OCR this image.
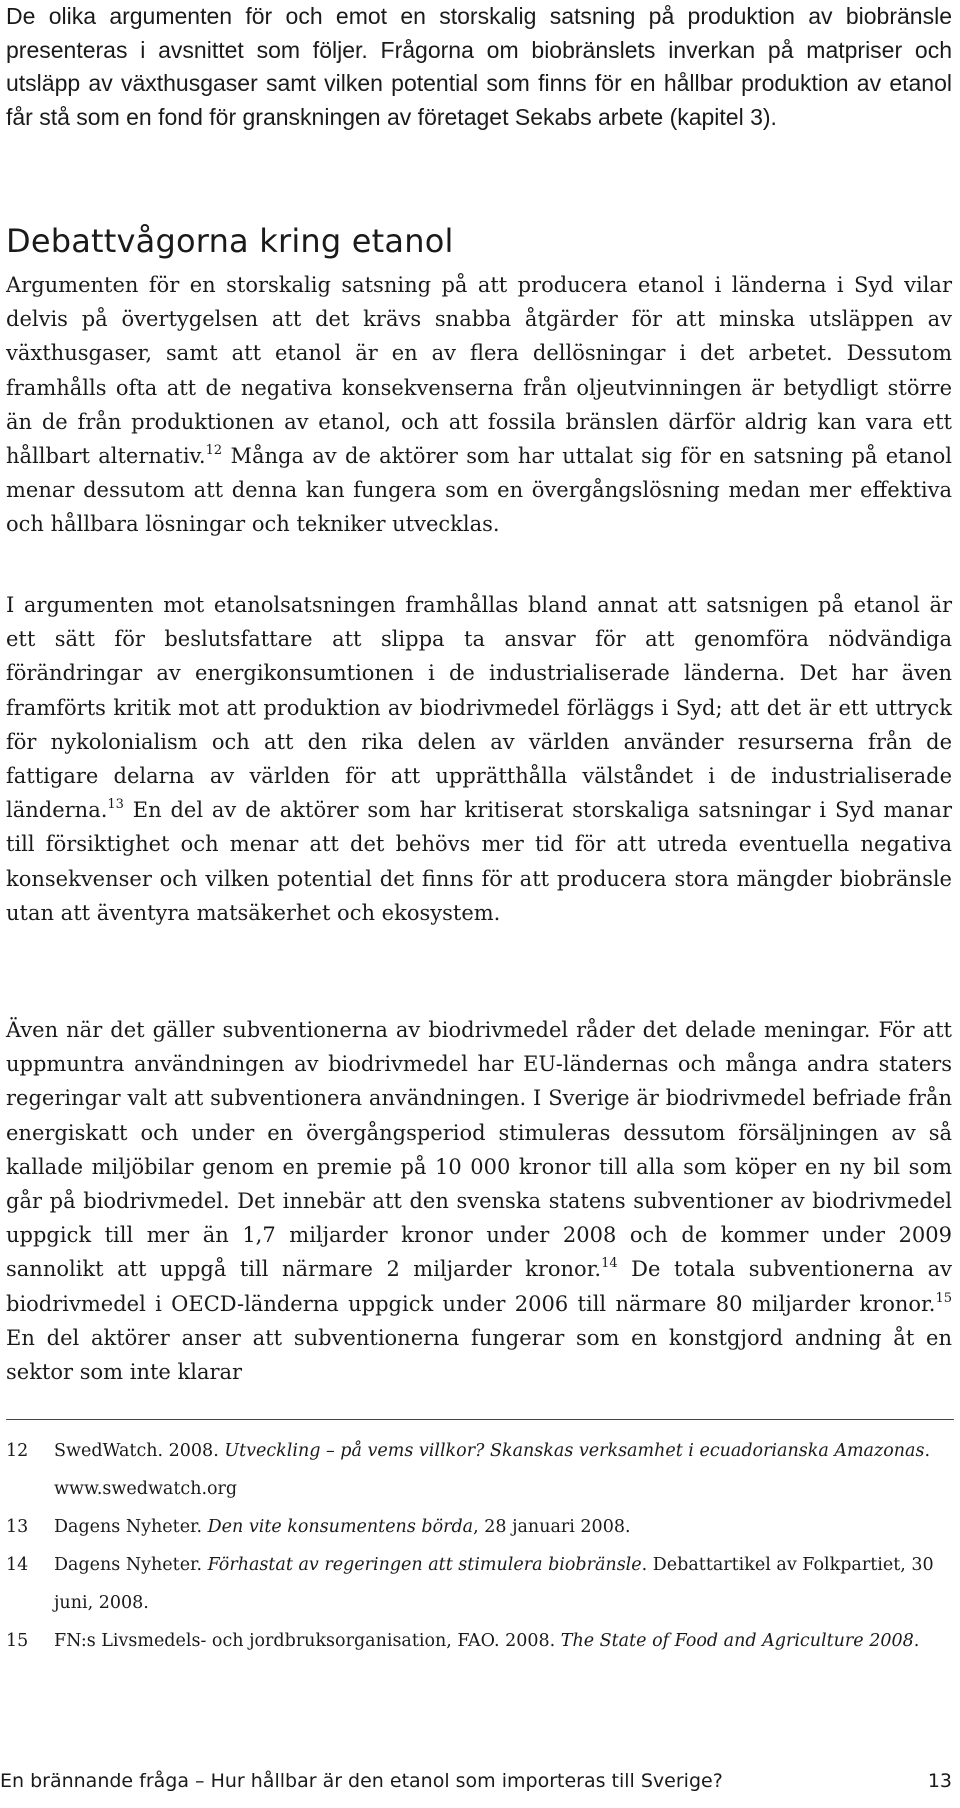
De olika argumenten för och emot en storskalig satsning på produktion av biobränsle presenteras i avsnittet som följer. Frågorna om biobränslets inverkan på matpriser och utsläpp av växthusgaser samt vilken potential som finns för en hållbar produktion av etanol får stå som en fond för granskningen av företaget Sekabs arbete (kapitel 3).

Debattvågorna kring etanol

Argumenten för en storskalig satsning på att producera etanol i länderna i Syd vilar delvis på övertygelsen att det krävs snabba åtgärder för att minska utsläppen av växthusgaser, samt att etanol är en av flera dellösningar i det arbetet. Dessutom framhålls ofta att de negativa konsekvenserna från oljeutvinningen är betydligt större än de från produktionen av etanol, och att fossila bränslen därför aldrig kan vara ett hållbart alternativ.$^{12}$ Många av de aktörer som har uttalat sig för en satsning på etanol menar dessutom att denna kan fungera som en övergångslösning medan mer effektiva och hållbara lösningar och tekniker utvecklas.

I argumenten mot etanolsatsningen framhållas bland annat att satsnigen på etanol är ett sätt för beslutsfattare att slippa ta ansvar för att genomföra nödvändiga förändringar av energikonsumtionen i de industrialiserade länderna. Det har även framförts kritik mot att produktion av biodrivmedel förläggs i Syd; att det är ett uttryck för nykolonialism och att den rika delen av världen använder resurserna från de fattigare delarna av världen för att upprätthålla välståndet i de industrialiserade länderna.$^{13}$ En del av de aktörer som har kritiserat storskaliga satsningar i Syd manar till försiktighet och menar att det behövs mer tid för att utreda eventuella negativa konsekvenser och vilken potential det finns för att producera stora mängder biobränsle utan att äventyra matsäkerhet och ekosystem.

Även när det gäller subventionerna av biodrivmedel råder det delade meningar. För att uppmuntra användningen av biodrivmedel har EU-ländernas och många andra staters regeringar valt att subventionera användningen. I Sverige är biodrivmedel befriade från energiskatt och under en övergångsperiod stimuleras dessutom försäljningen av så kallade miljöbilar genom en premie på 10 000 kronor till alla som köper en ny bil som går på biodrivmedel. Det innebär att den svenska statens subventioner av biodrivmedel uppgick till mer än 1,7 miljarder kronor under 2008 och de kommer under 2009 sannolikt att uppgå till närmare 2 miljarder kronor.$^{14}$ De totala subventionerna av biodrivmedel i OECD-länderna uppgick under 2006 till närmare 80 miljarder kronor.$^{15}$ En del aktörer anser att subventionerna fungerar som en konstgjord andning åt en sektor som inte klarar

12	SwedWatch. 2008. Utveckling – på vems villkor? Skanskas verksamhet i ecuadorianska Amazonas. www.swedwatch.org
13	Dagens Nyheter. Den vite konsumentens börda, 28 januari 2008.
14	Dagens Nyheter. Förhastat av regeringen att stimulera biobränsle. Debattartikel av Folkpartiet, 30 juni, 2008.
15	FN:s Livsmedels- och jordbruksorganisation, FAO. 2008. The State of Food and Agriculture 2008.
En brännande fråga – Hur hållbar är den etanol som importeras till Sverige?	13
